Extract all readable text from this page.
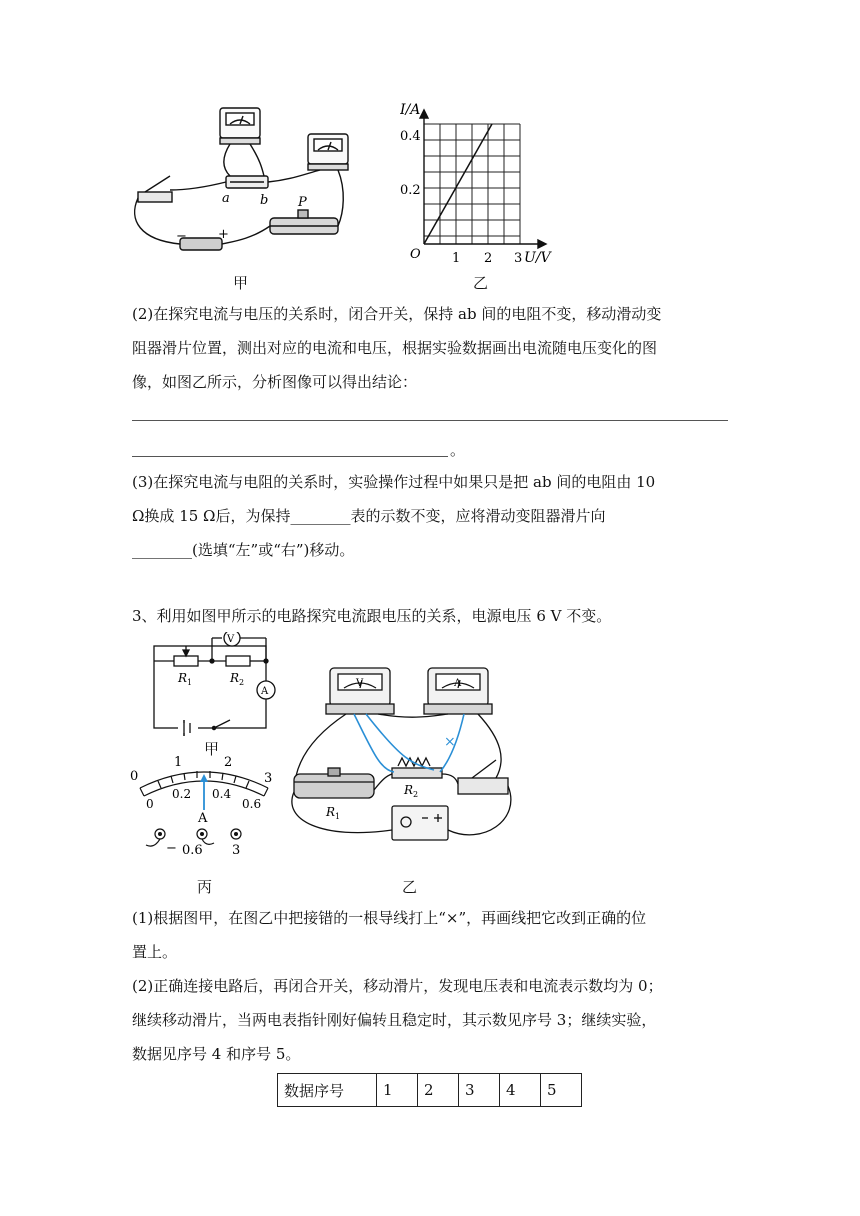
a b P
− +
甲
I/A
0.4
0.2
O 1 2 3 U/V
乙
(2)在探究电流与电压的关系时，闭合开关，保持 ab 间的电阻不变，移动滑动变
阻器滑片位置，测出对应的电流和电压，根据实验数据画出电流随电压变化的图
像，如图乙所示，分析图像可以得出结论：
。
(3)在探究电流与电阻的关系时，实验操作过程中如果只是把 ab 间的电阻由 10
Ω换成 15 Ω后，为保持________表的示数不变，应将滑动变阻器滑片向
________(选填“左”或“右”)移动。
3、利用如图甲所示的电路探究电流跟电压的关系，电源电压 6 V 不变。
V
A
R 1	R 2
甲
0
1	2
3
0
0.2 0.4
0.6
A
− 0.6 3
丙
×
V	A
R 1
R 2
乙
(1)根据图甲，在图乙中把接错的一根导线打上“×”，再画线把它改到正确的位
置上。
(2)正确连接电路后，再闭合开关，移动滑片，发现电压表和电流表示数均为 0；
继续移动滑片，当两电表指针刚好偏转且稳定时，其示数见序号 3；继续实验，
数据见序号 4 和序号 5。
数据序号	1	2	3	4	5
